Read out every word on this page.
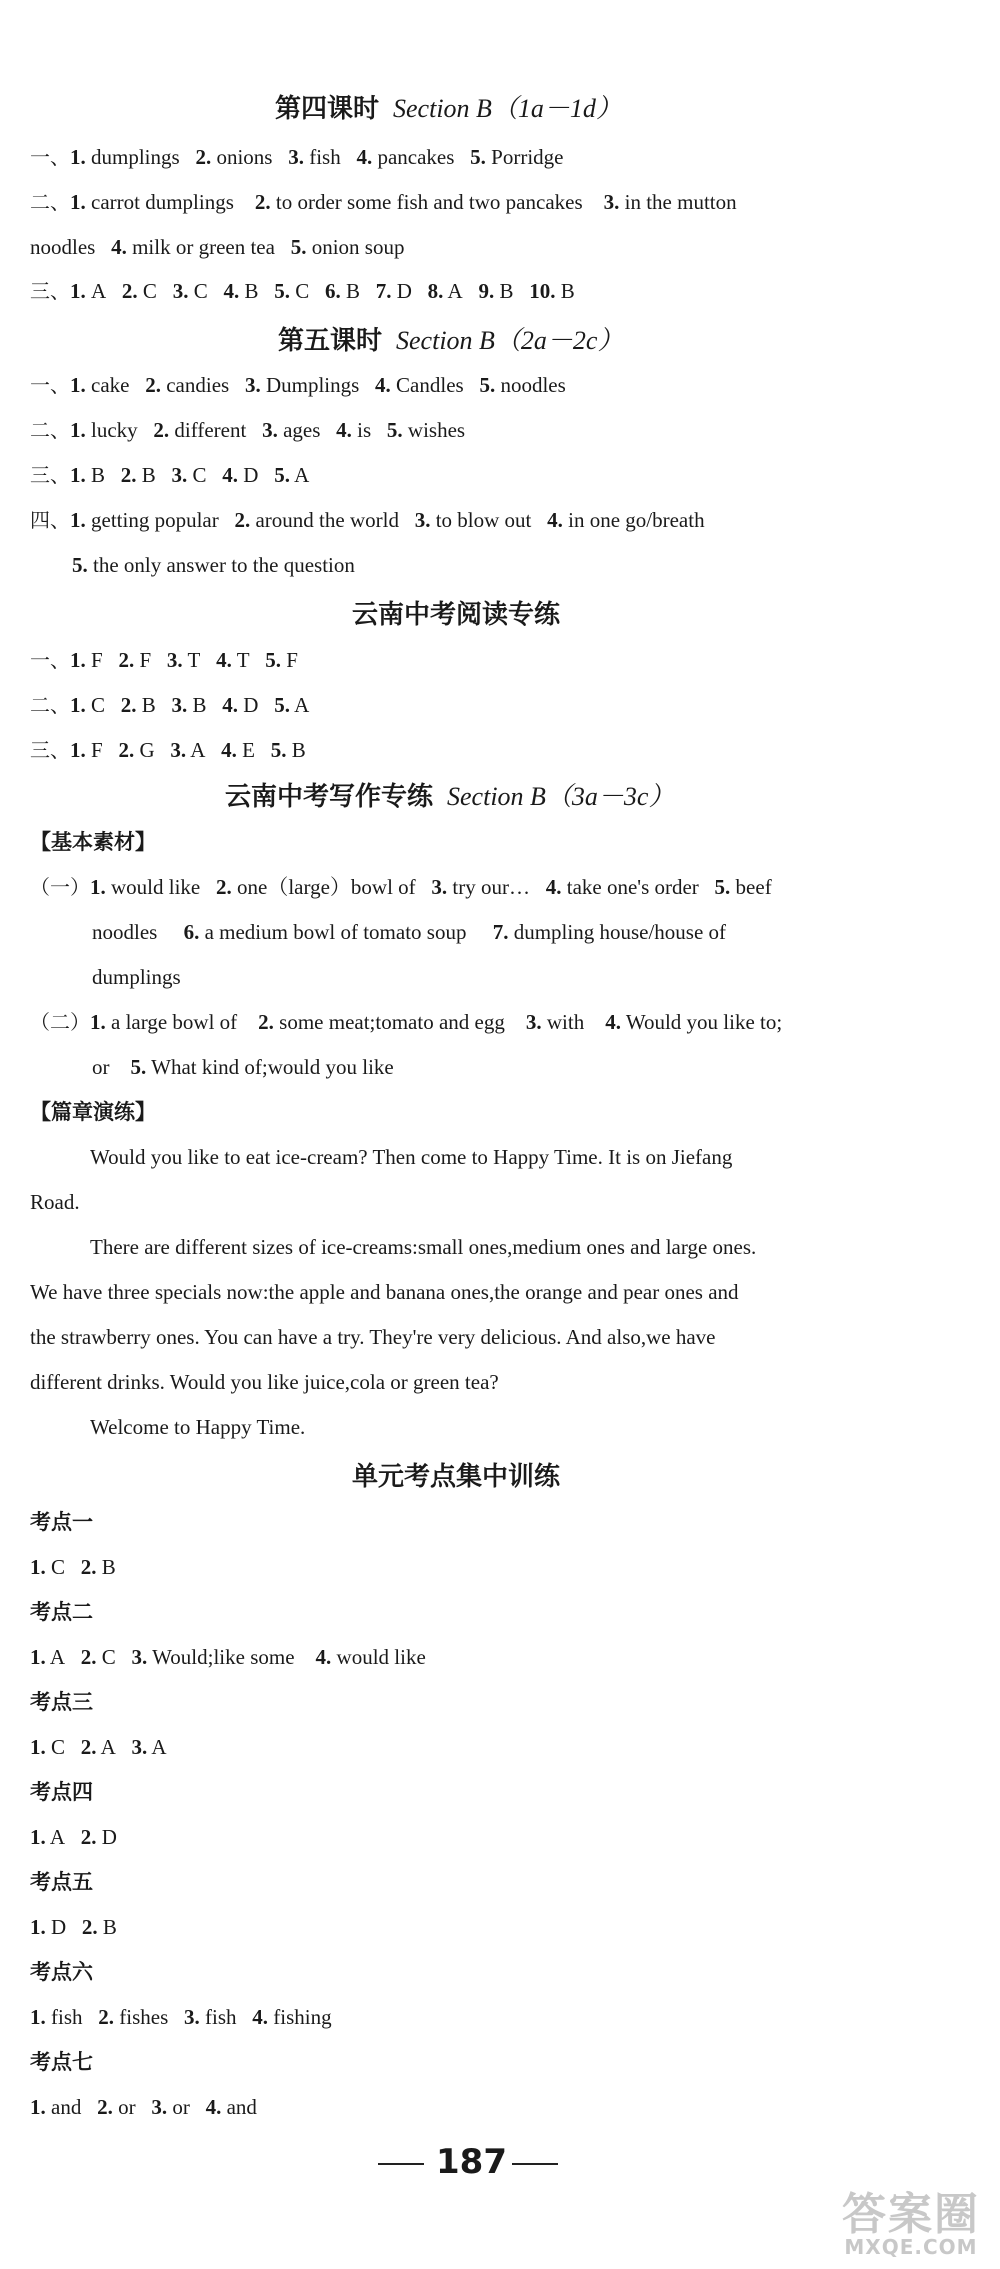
第四课时 Section B（1a－1d）
一、1. dumplings 2. onions 3. fish 4. pancakes 5. Porridge
二、1. carrot dumplings 2. to order some fish and two pancakes 3. in the mutton
noodles 4. milk or green tea 5. onion soup
三、1. A 2. C 3. C 4. B 5. C 6. B 7. D 8. A 9. B 10. B
第五课时 Section B（2a－2c）
一、1. cake 2. candies 3. Dumplings 4. Candles 5. noodles
二、1. lucky 2. different 3. ages 4. is 5. wishes
三、1. B 2. B 3. C 4. D 5. A
四、1. getting popular 2. around the world 3. to blow out 4. in one go/breath
5. the only answer to the question
云南中考阅读专练
一、1. F 2. F 3. T 4. T 5. F
二、1. C 2. B 3. B 4. D 5. A
三、1. F 2. G 3. A 4. E 5. B
云南中考写作专练 Section B（3a－3c）
【基本素材】
（一）1. would like 2. one（large）bowl of 3. try our… 4. take one's order 5. beef
noodles 6. a medium bowl of tomato soup 7. dumpling house/house of
dumplings
（二）1. a large bowl of 2. some meat;tomato and egg 3. with 4. Would you like to;
or 5. What kind of;would you like
【篇章演练】
Would you like to eat ice-cream? Then come to Happy Time. It is on Jiefang
Road.
There are different sizes of ice-creams:small ones,medium ones and large ones.
We have three specials now:the apple and banana ones,the orange and pear ones and
the strawberry ones. You can have a try. They're very delicious. And also,we have
different drinks. Would you like juice,cola or green tea?
Welcome to Happy Time.
单元考点集中训练
考点一
1. C 2. B
考点二
1. A 2. C 3. Would;like some 4. would like
考点三
1. C 2. A 3. A
考点四
1. A 2. D
考点五
1. D 2. B
考点六
1. fish 2. fishes 3. fish 4. fishing
考点七
1. and 2. or 3. or 4. and
187
答案圈
MXQE.COM
